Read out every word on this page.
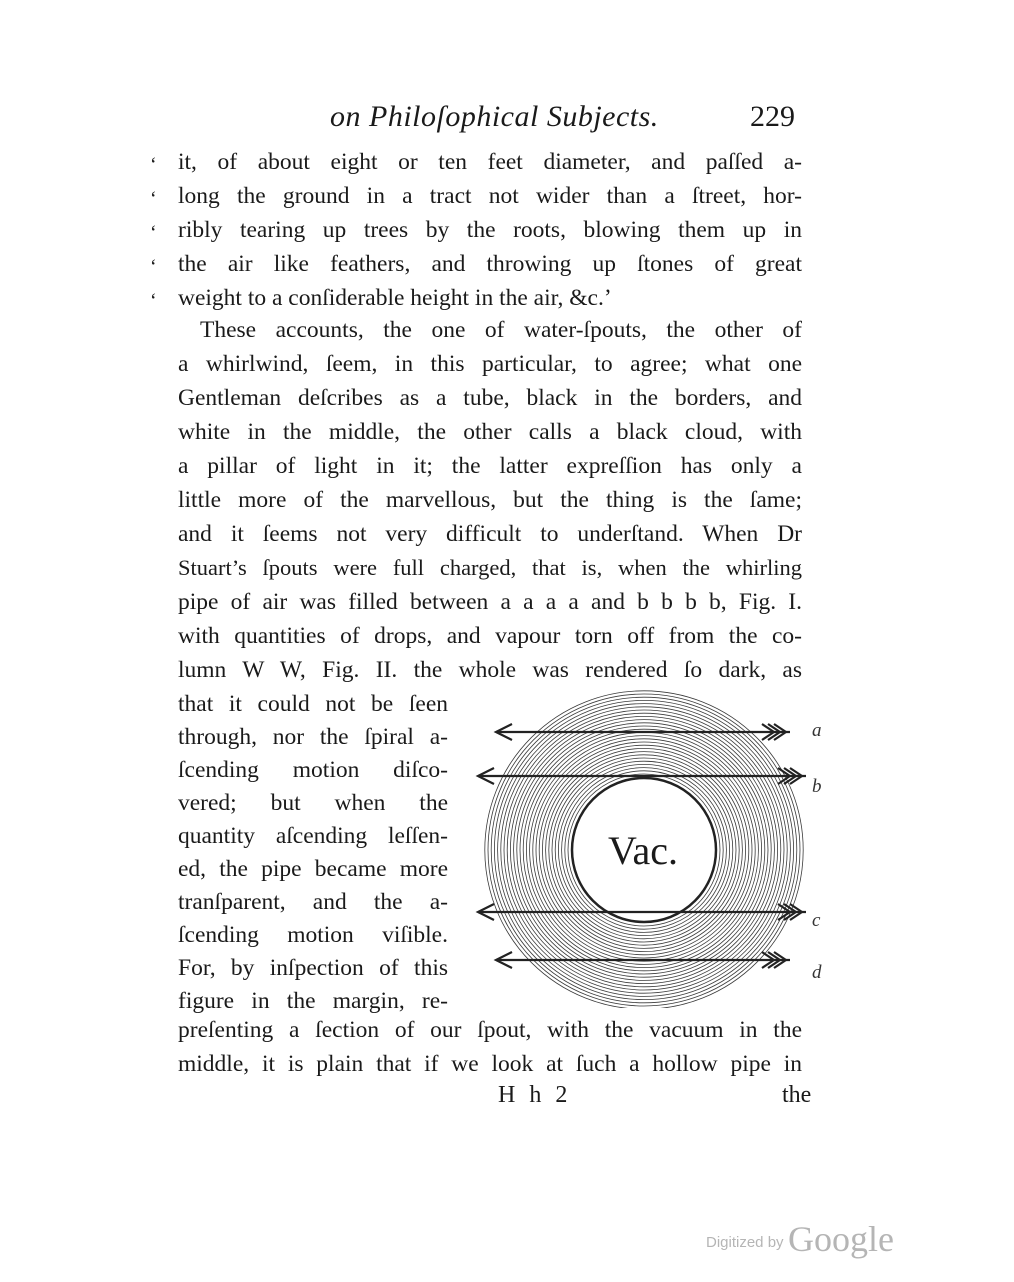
on Philoſophical Subjects.	229
‘
‘
‘
‘
‘
it, of about eight or ten feet diameter, and paſſed a-
long the ground in a tract not wider than a ſtreet, hor-
ribly tearing up trees by the roots, blowing them up in
the air like feathers, and throwing up ſtones of great
weight to a conſiderable height in the air, &c.’
These accounts, the one of water-ſpouts, the other of
a whirlwind, ſeem, in this particular, to agree; what one
Gentleman deſcribes as a tube, black in the borders, and
white in the middle, the other calls a black cloud, with
a pillar of light in it; the latter expreſſion has only a
little more of the marvellous, but the thing is the ſame;
and it ſeems not very difficult to underſtand. When Dr
Stuart’s ſpouts were full charged, that is, when the whirling
pipe of air was filled between a a a a and b b b b, Fig. I.
with quantities of drops, and vapour torn off from the co-
lumn W W, Fig. II. the whole was rendered ſo dark, as
that it could not be ſeen
through, nor the ſpiral a-
ſcending motion diſco-
vered; but when the
quantity aſcending leſſen-
ed, the pipe became more
tranſparent, and the a-
ſcending motion viſible.
For, by inſpection of this
figure in the margin, re-
preſenting a ſection of our ſpout, with the vacuum in the
middle, it is plain that if we look at ſuch a hollow pipe in
Vac.
a
b
c
d
H h 2	the
Digitized by Google
